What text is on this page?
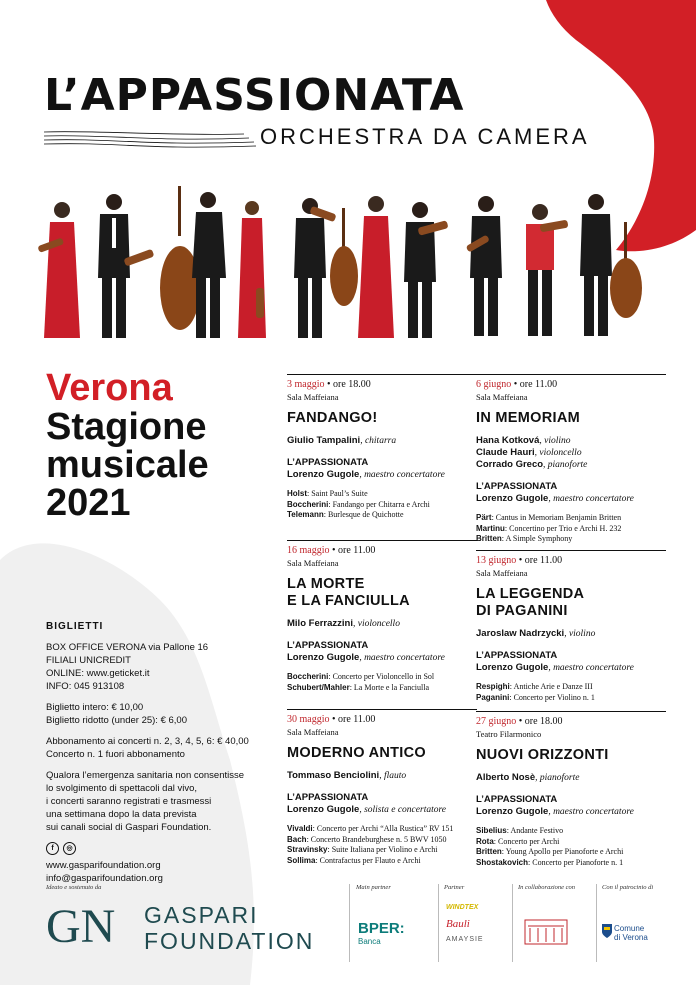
L’APPASSIONATA
ORCHESTRA DA CAMERA
Verona
Stagione
musicale
2021
BIGLIETTI
BOX OFFICE VERONA via Pallone 16
FILIALI UNICREDIT
ONLINE: www.geticket.it
INFO: 045 913108
Biglietto intero: € 10,00
Biglietto ridotto (under 25): € 6,00
Abbonamento ai concerti n. 2, 3, 4, 5, 6: € 40,00
Concerto n. 1 fuori abbonamento
Qualora l’emergenza sanitaria non consentisse
lo svolgimento di spettacoli dal vivo,
i concerti saranno registrati e trasmessi
una settimana dopo la data prevista
sui canali social di Gaspari Foundation.
f	◎
www.gasparifoundation.org
info@gasparifoundation.org
3 maggio • ore 18.00
Sala Maffeiana
FANDANGO!
Giulio Tampalini, chitarra
L’APPASSIONATA
Lorenzo Gugole, maestro concertatore
Holst: Saint Paul’s Suite
Boccherini: Fandango per Chitarra e Archi
Telemann: Burlesque de Quichotte
16 maggio • ore 11.00
Sala Maffeiana
LA MORTE
E LA FANCIULLA
Milo Ferrazzini, violoncello
L’APPASSIONATA
Lorenzo Gugole, maestro concertatore
Boccherini: Concerto per Violoncello in Sol
Schubert/Mahler: La Morte e la Fanciulla
30 maggio • ore 11.00
Sala Maffeiana
MODERNO ANTICO
Tommaso Benciolini, flauto
L’APPASSIONATA
Lorenzo Gugole, solista e concertatore
Vivaldi: Concerto per Archi “Alla Rustica” RV 151
Bach: Concerto Brandeburghese n. 5 BWV 1050
Stravinsky: Suite Italiana per Violino e Archi
Sollima: Contrafactus per Flauto e Archi
6 giugno • ore 11.00
Sala Maffeiana
IN MEMORIAM
Hana Kotková, violino
Claude Hauri, violoncello
Corrado Greco, pianoforte
L’APPASSIONATA
Lorenzo Gugole, maestro concertatore
Pärt: Cantus in Memoriam Benjamin Britten
Martinu: Concertino per Trio e Archi H. 232
Britten: A Simple Symphony
13 giugno • ore 11.00
Sala Maffeiana
LA LEGGENDA
DI PAGANINI
Jaroslaw Nadrzycki, violino
L’APPASSIONATA
Lorenzo Gugole, maestro concertatore
Respighi: Antiche Arie e Danze III
Paganini: Concerto per Violino n. 1
27 giugno • ore 18.00
Teatro Filarmonico
NUOVI ORIZZONTI
Alberto Nosè, pianoforte
L’APPASSIONATA
Lorenzo Gugole, maestro concertatore
Sibelius: Andante Festivo
Rota: Concerto per Archi
Britten: Young Apollo per Pianoforte e Archi
Shostakovich: Concerto per Pianoforte n. 1
Ideato e sostenuto da
GN GASPARI
FOUNDATION
Main partner
BPER:
Banca
Partner
WINDTEX
Bauli
AMAYSIE
In collaborazione con	Con il patrocinio di
Comune
di Verona
